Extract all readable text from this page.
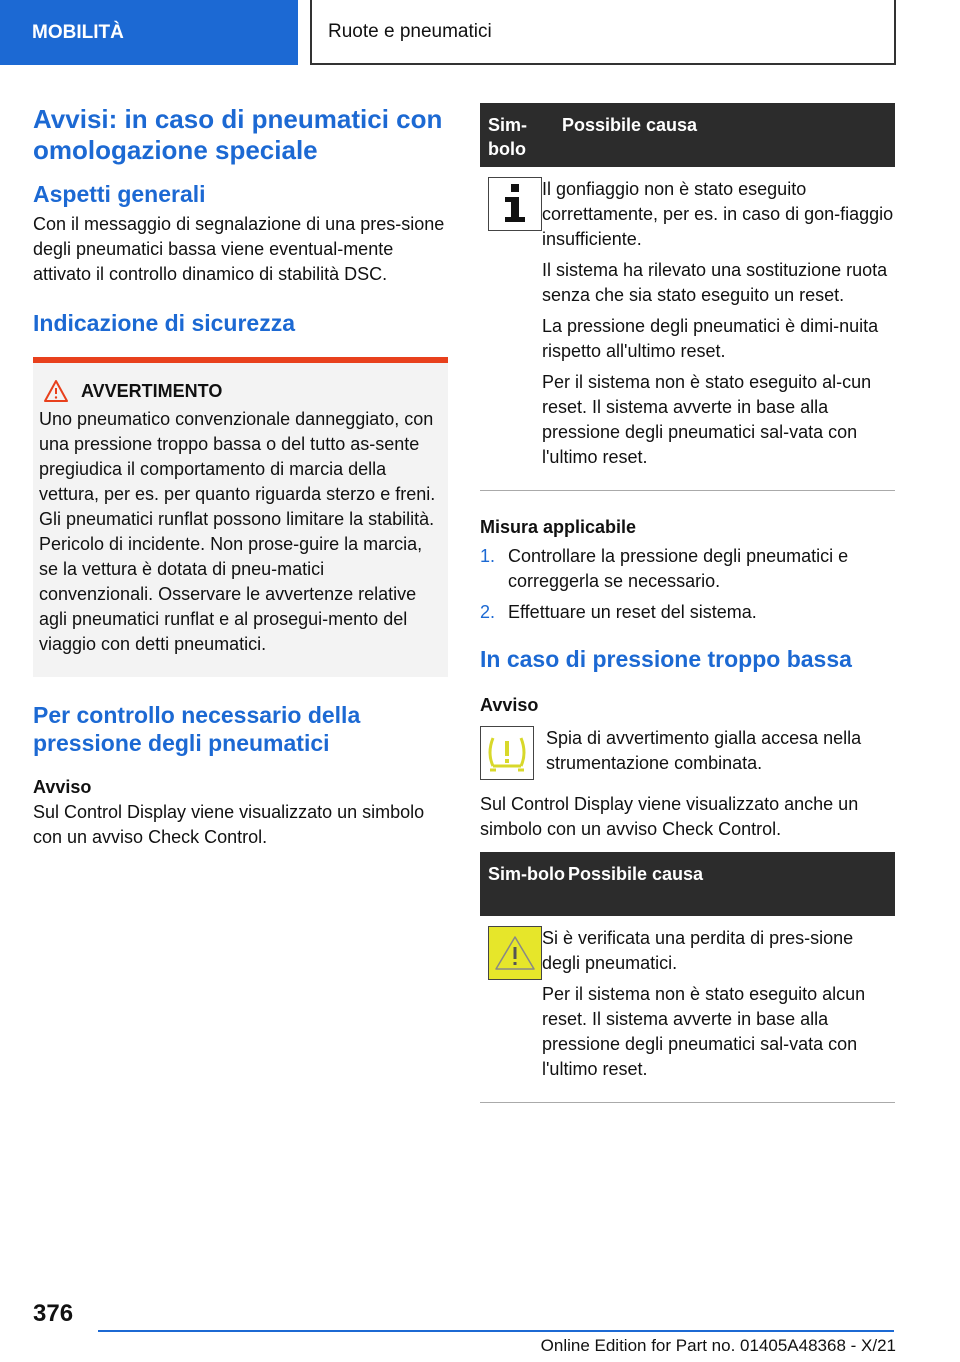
MOBILITÀ	Ruote e pneumatici
Avvisi: in caso di pneumatici con omologazione speciale
Aspetti generali

Con il messaggio di segnalazione di una pres‐sione degli pneumatici bassa viene eventual‐mente attivato il controllo dinamico di stabilità DSC.

Indicazione di sicurezza
AVVERTIMENTO

Uno pneumatico convenzionale danneggiato, con una pressione troppo bassa o del tutto as‐sente pregiudica il comportamento di marcia della vettura, per es. per quanto riguarda sterzo e freni. Gli pneumatici runflat possono limitare la stabilità. Pericolo di incidente. Non prose‐guire la marcia, se la vettura è dotata di pneu‐matici convenzionali. Osservare le avvertenze relative agli pneumatici runflat e al prosegui‐mento del viaggio con detti pneumatici.

Per controllo necessario della pressione degli pneumatici
Avviso

Sul Control Display viene visualizzato un simbolo con un avviso Check Control.

Sim‐bolo
Possibile causa

Il gonfiaggio non è stato eseguito correttamente, per es. in caso di gon‐fiaggio insufficiente.

Il sistema ha rilevato una sostituzione ruota senza che sia stato eseguito un reset.

La pressione degli pneumatici è dimi‐nuita rispetto all'ultimo reset.

Per il sistema non è stato eseguito al‐cun reset. Il sistema avverte in base alla pressione degli pneumatici sal‐vata con l'ultimo reset.

Misura applicabile
1. Controllare la pressione degli pneumatici e correggerla se necessario.
2. Effettuare un reset del sistema.
In caso di pressione troppo bassa
Avviso

Spia di avvertimento gialla accesa nella strumentazione combinata.

Sul Control Display viene visualizzato anche un simbolo con un avviso Check Control.

Sim‐bolo Possibile causa

Si è verificata una perdita di pres‐sione degli pneumatici.

Per il sistema non è stato eseguito alcun reset. Il sistema avverte in base alla pressione degli pneumatici sal‐vata con l'ultimo reset.

376
Online Edition for Part no. 01405A48368 - X/21
